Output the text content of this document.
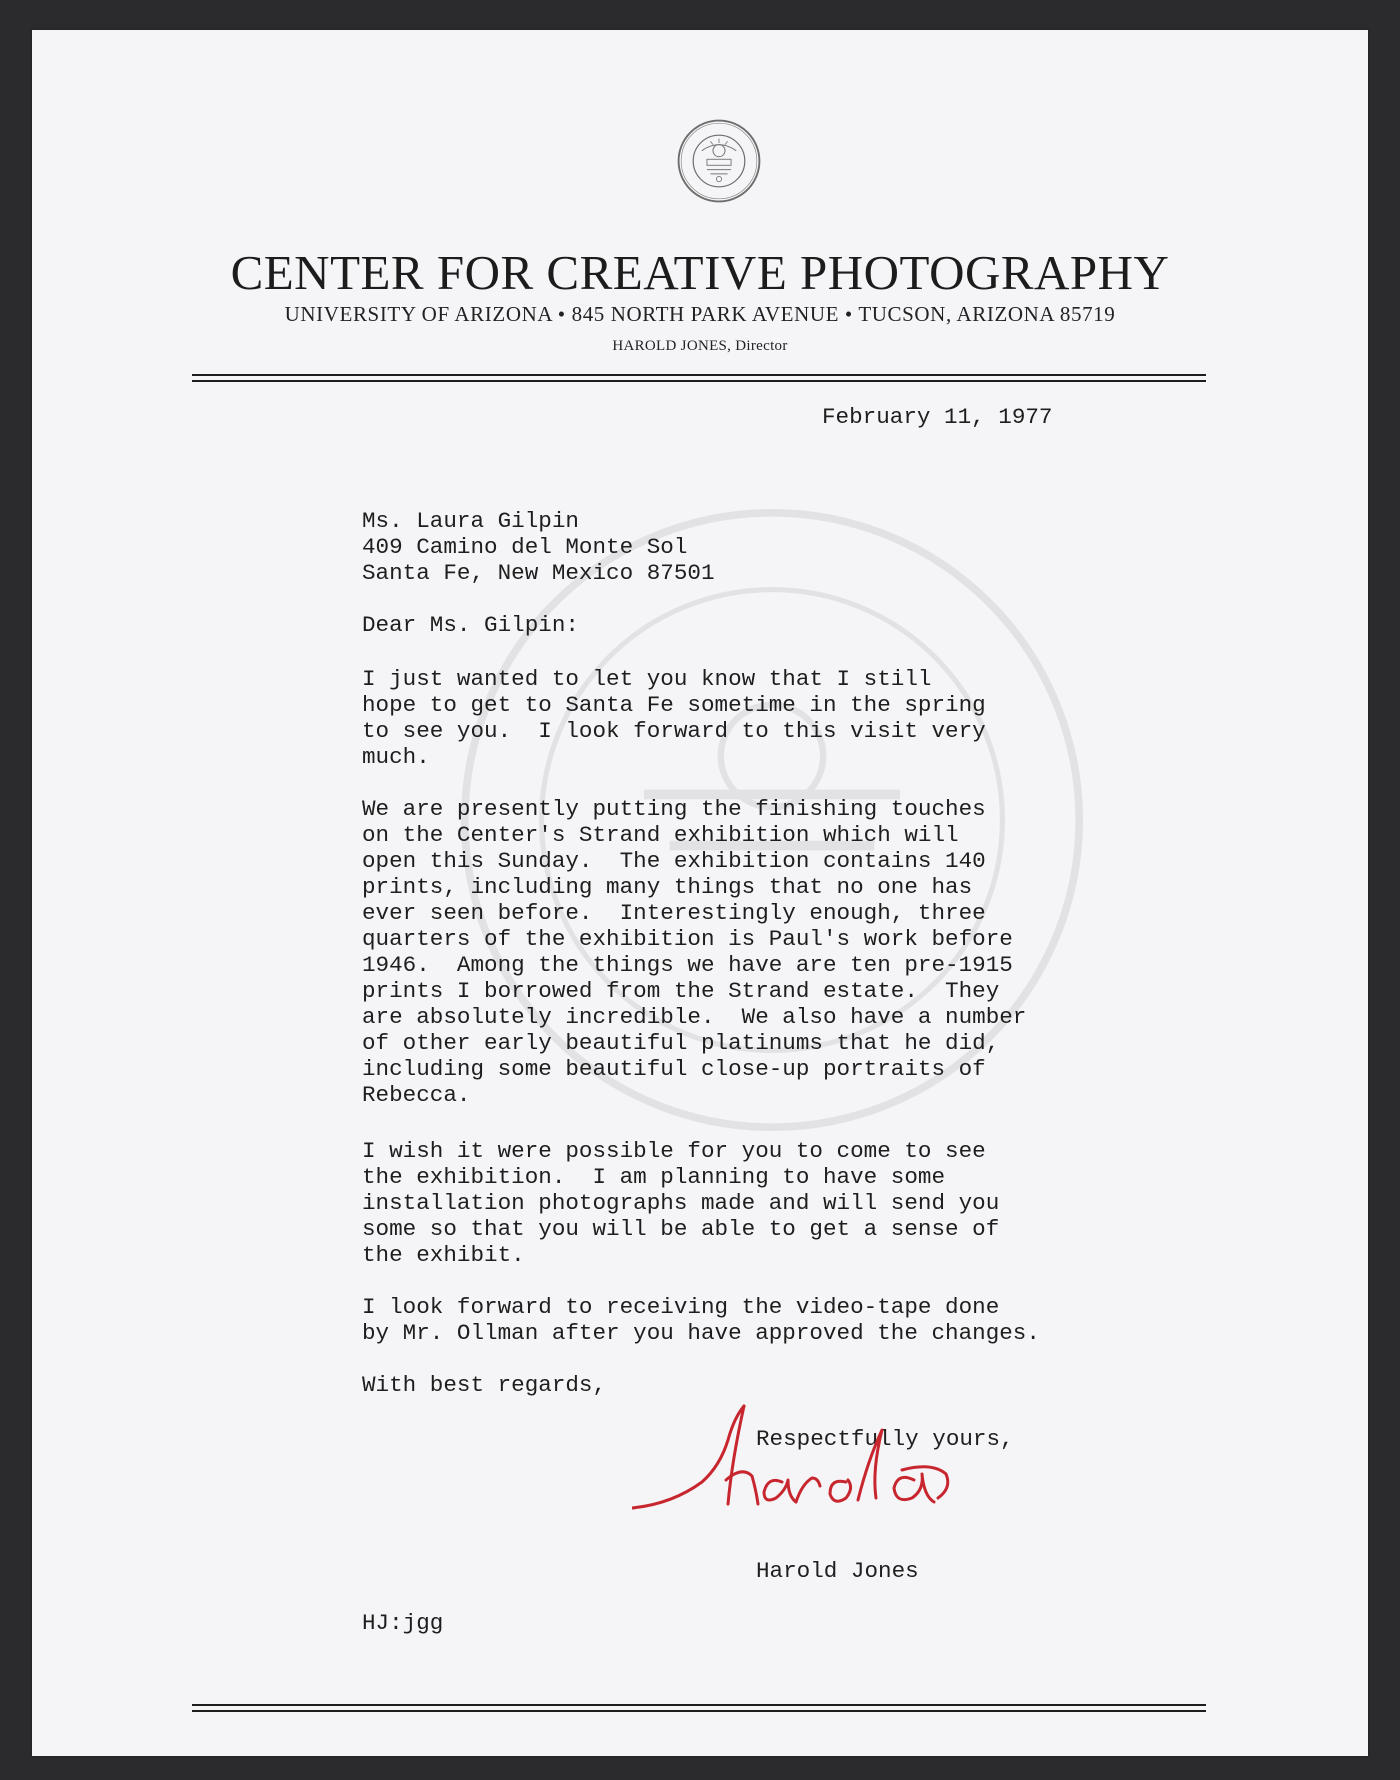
CENTER FOR CREATIVE PHOTOGRAPHY
UNIVERSITY OF ARIZONA • 845 NORTH PARK AVENUE • TUCSON, ARIZONA 85719
HAROLD JONES, Director
February 11, 1977
Ms. Laura Gilpin
409 Camino del Monte Sol
Santa Fe, New Mexico 87501
Dear Ms. Gilpin:
I just wanted to let you know that I still
hope to get to Santa Fe sometime in the spring
to see you.  I look forward to this visit very
much.
We are presently putting the finishing touches
on the Center's Strand exhibition which will
open this Sunday.  The exhibition contains 140
prints, including many things that no one has
ever seen before.  Interestingly enough, three
quarters of the exhibition is Paul's work before
1946.  Among the things we have are ten pre-1915
prints I borrowed from the Strand estate.  They
are absolutely incredible.  We also have a number
of other early beautiful platinums that he did,
including some beautiful close-up portraits of
Rebecca.
I wish it were possible for you to come to see
the exhibition.  I am planning to have some
installation photographs made and will send you
some so that you will be able to get a sense of
the exhibit.
I look forward to receiving the video-tape done
by Mr. Ollman after you have approved the changes.
With best regards,
Respectfully yours,
Harold Jones
HJ:jgg
